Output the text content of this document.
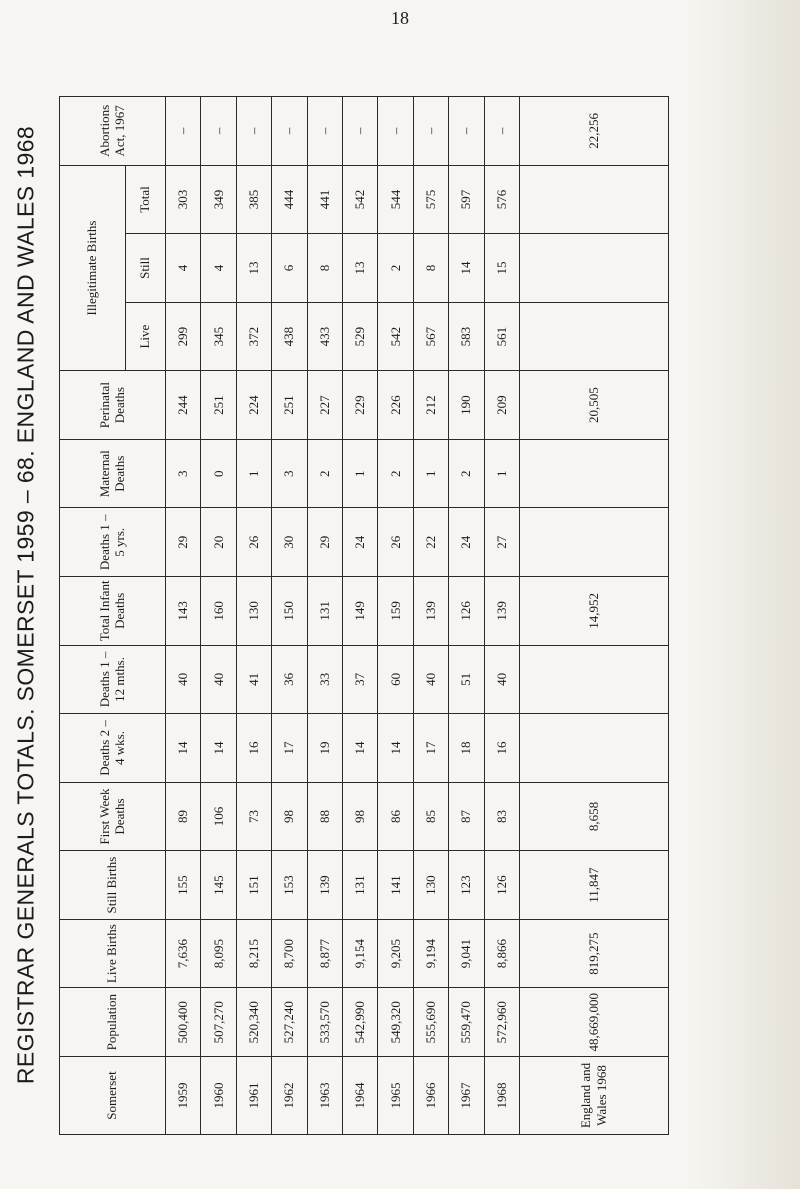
18
REGISTRAR GENERALS TOTALS. SOMERSET 1959 – 68. ENGLAND AND WALES 1968
Somerset	Population	Live Births	Still Births	First Week Deaths	Deaths 2 – 4 wks.	Deaths 1 – 12 mths.	Total Infant Deaths	Deaths 1 – 5 yrs.	Maternal Deaths	Perinatal Deaths	Illegitimate Births			Abortions Act, 1967
											Live	Still	Total	
1959	500,400	7,636	155	89	14	40	143	29	3	244	299	4	303	–
1960	507,270	8,095	145	106	14	40	160	20	0	251	345	4	349	–
1961	520,340	8,215	151	73	16	41	130	26	1	224	372	13	385	–
1962	527,240	8,700	153	98	17	36	150	30	3	251	438	6	444	–
1963	533,570	8,877	139	88	19	33	131	29	2	227	433	8	441	–
1964	542,990	9,154	131	98	14	37	149	24	1	229	529	13	542	–
1965	549,320	9,205	141	86	14	60	159	26	2	226	542	2	544	–
1966	555,690	9,194	130	85	17	40	139	22	1	212	567	8	575	–
1967	559,470	9,041	123	87	18	51	126	24	2	190	583	14	597	–
1968	572,960	8,866	126	83	16	40	139	27	1	209	561	15	576	–
England and Wales 1968	48,669,000	819,275	11,847	8,658			14,952			20,505				22,256
